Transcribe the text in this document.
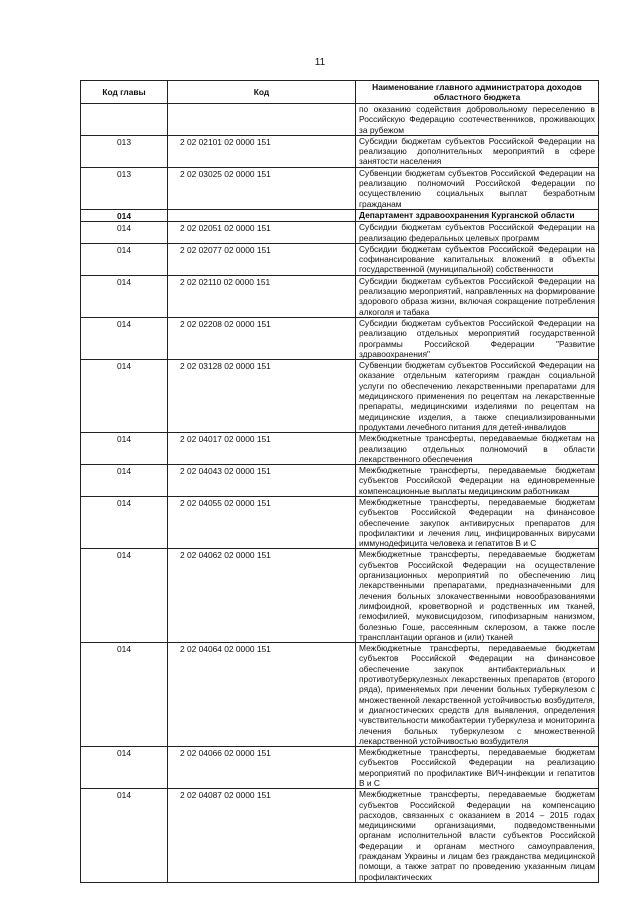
11
Код главы	Код	Наименование главного администратора доходов областного бюджета
		по оказанию содействия добровольному переселению в Российскую Федерацию соотечественников, проживающих за рубежом
013	2 02 02101 02 0000 151	Субсидии бюджетам субъектов Российской Федерации на реализацию дополнительных мероприятий в сфере занятости населения
013	2 02 03025 02 0000 151	Субвенции бюджетам субъектов Российской Федерации на реализацию полномочий Российской Федерации по осуществлению социальных выплат безработным гражданам
014		Департамент здравоохранения Курганской области
014	2 02 02051 02 0000 151	Субсидии бюджетам субъектов Российской Федерации на реализацию федеральных целевых программ
014	2 02 02077 02 0000 151	Субсидии бюджетам субъектов Российской Федерации на софинансирование капитальных вложений в объекты государственной (муниципальной) собственности
014	2 02 02110 02 0000 151	Субсидии бюджетам субъектов Российской Федерации на реализацию мероприятий, направленных на формирование здорового образа жизни, включая сокращение потребления алкоголя и табака
014	2 02 02208 02 0000 151	Субсидии бюджетам субъектов Российской Федерации на реализацию отдельных мероприятий государственной программы Российской Федерации "Развитие здравоохранения"
014	2 02 03128 02 0000 151	Субвенции бюджетам субъектов Российской Федерации на оказание отдельным категориям граждан социальной услуги по обеспечению лекарственными препаратами для медицинского применения по рецептам на лекарственные препараты, медицинскими изделиями по рецептам на медицинские изделия, а также специализированными продуктами лечебного питания для детей-инвалидов
014	2 02 04017 02 0000 151	Межбюджетные трансферты, передаваемые бюджетам на реализацию отдельных полномочий в области лекарственного обеспечения
014	2 02 04043 02 0000 151	Межбюджетные трансферты, передаваемые бюджетам субъектов Российской Федерации на единовременные компенсационные выплаты медицинским работникам
014	2 02 04055 02 0000 151	Межбюджетные трансферты, передаваемые бюджетам субъектов Российской Федерации на финансовое обеспечение закупок антивирусных препаратов для профилактики и лечения лиц, инфицированных вирусами иммунодефицита человека и гепатитов В и С
014	2 02 04062 02 0000 151	Межбюджетные трансферты, передаваемые бюджетам субъектов Российской Федерации на осуществление организационных мероприятий по обеспечению лиц лекарственными препаратами, предназначенными для лечения больных злокачественными новообразованиями лимфоидной, кроветворной и родственных им тканей, гемофилией, муковисцидозом, гипофизарным нанизмом, болезнью Гоше, рассеянным склерозом, а также после трансплантации органов и (или) тканей
014	2 02 04064 02 0000 151	Межбюджетные трансферты, передаваемые бюджетам субъектов Российской Федерации на финансовое обеспечение закупок антибактериальных и противотуберкулезных лекарственных препаратов (второго ряда), применяемых при лечении больных туберкулезом с множественной лекарственной устойчивостью возбудителя, и диагностических средств для выявления, определения чувствительности микобактерии туберкулеза и мониторинга лечения больных туберкулезом с множественной лекарственной устойчивостью возбудителя
014	2 02 04066 02 0000 151	Межбюджетные трансферты, передаваемые бюджетам субъектов Российской Федерации на реализацию мероприятий по профилактике ВИЧ-инфекции и гепатитов В и С
014	2 02 04087 02 0000 151	Межбюджетные трансферты, передаваемые бюджетам субъектов Российской Федерации на компенсацию расходов, связанных с оказанием в 2014 – 2015 годах медицинскими организациями, подведомственными органам исполнительной власти субъектов Российской Федерации и органам местного самоуправления, гражданам Украины и лицам без гражданства медицинской помощи, а также затрат по проведению указанным лицам профилактических
